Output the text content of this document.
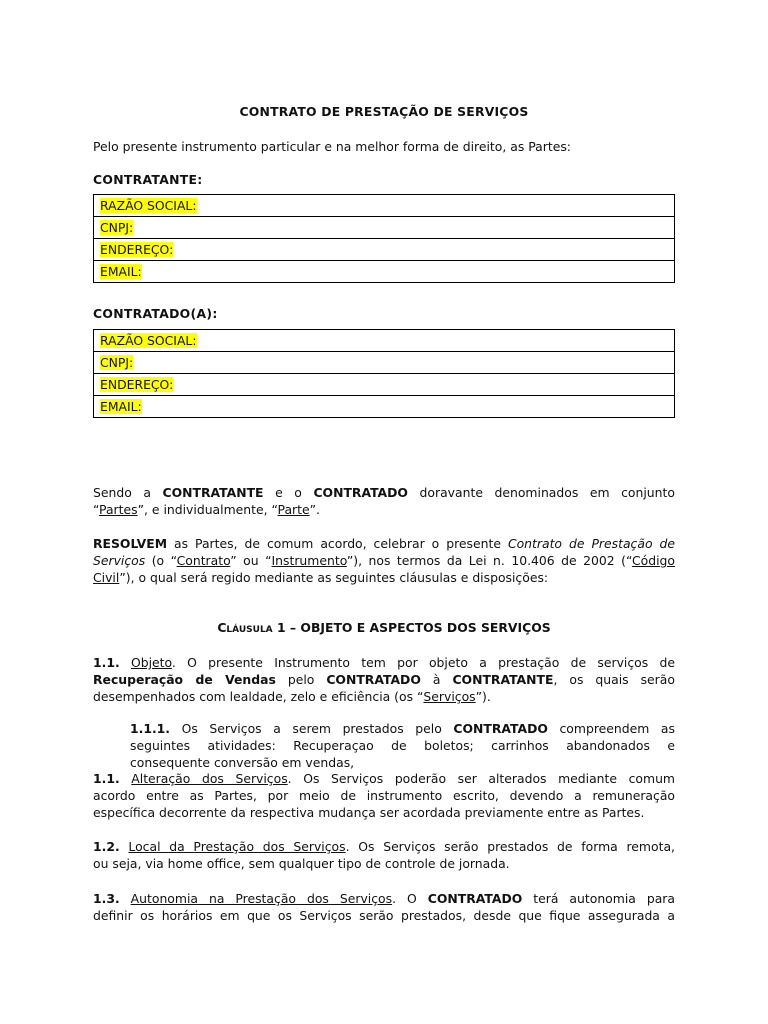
CONTRATO DE PRESTAÇÃO DE SERVIÇOS
Pelo presente instrumento particular e na melhor forma de direito, as Partes:
CONTRATANTE:
RAZÃO SOCIAL:
CNPJ:
ENDEREÇO:
EMAIL:
CONTRATADO(A):
RAZÃO SOCIAL:
CNPJ:
ENDEREÇO:
EMAIL:
Sendo a CONTRATANTE e o CONTRATADO doravante denominados em conjunto
“Partes”, e individualmente, “Parte”.
RESOLVEM as Partes, de comum acordo, celebrar o presente Contrato de Prestação de
Serviços (o “Contrato” ou “Instrumento”), nos termos da Lei n. 10.406 de 2002 (“Código
Civil”), o qual será regido mediante as seguintes cláusulas e disposições:
Cláusula 1 – OBJETO E ASPECTOS DOS SERVIÇOS
1.1. Objeto. O presente Instrumento tem por objeto a prestação de serviços de
Recuperação de Vendas pelo CONTRATADO à CONTRATANTE, os quais serão
desempenhados com lealdade, zelo e eficiência (os “Serviços”).
1.1.1. Os Serviços a serem prestados pelo CONTRATADO compreendem as
seguintes atividades: Recuperaçao de boletos; carrinhos abandonados e
consequente conversão em vendas,
1.1. Alteração dos Serviços. Os Serviços poderão ser alterados mediante comum
acordo entre as Partes, por meio de instrumento escrito, devendo a remuneração
específica decorrente da respectiva mudança ser acordada previamente entre as Partes.
1.2. Local da Prestação dos Serviços. Os Serviços serão prestados de forma remota,
ou seja, via home office, sem qualquer tipo de controle de jornada.
1.3. Autonomia na Prestação dos Serviços. O CONTRATADO terá autonomia para
definir os horários em que os Serviços serão prestados, desde que fique assegurada a
